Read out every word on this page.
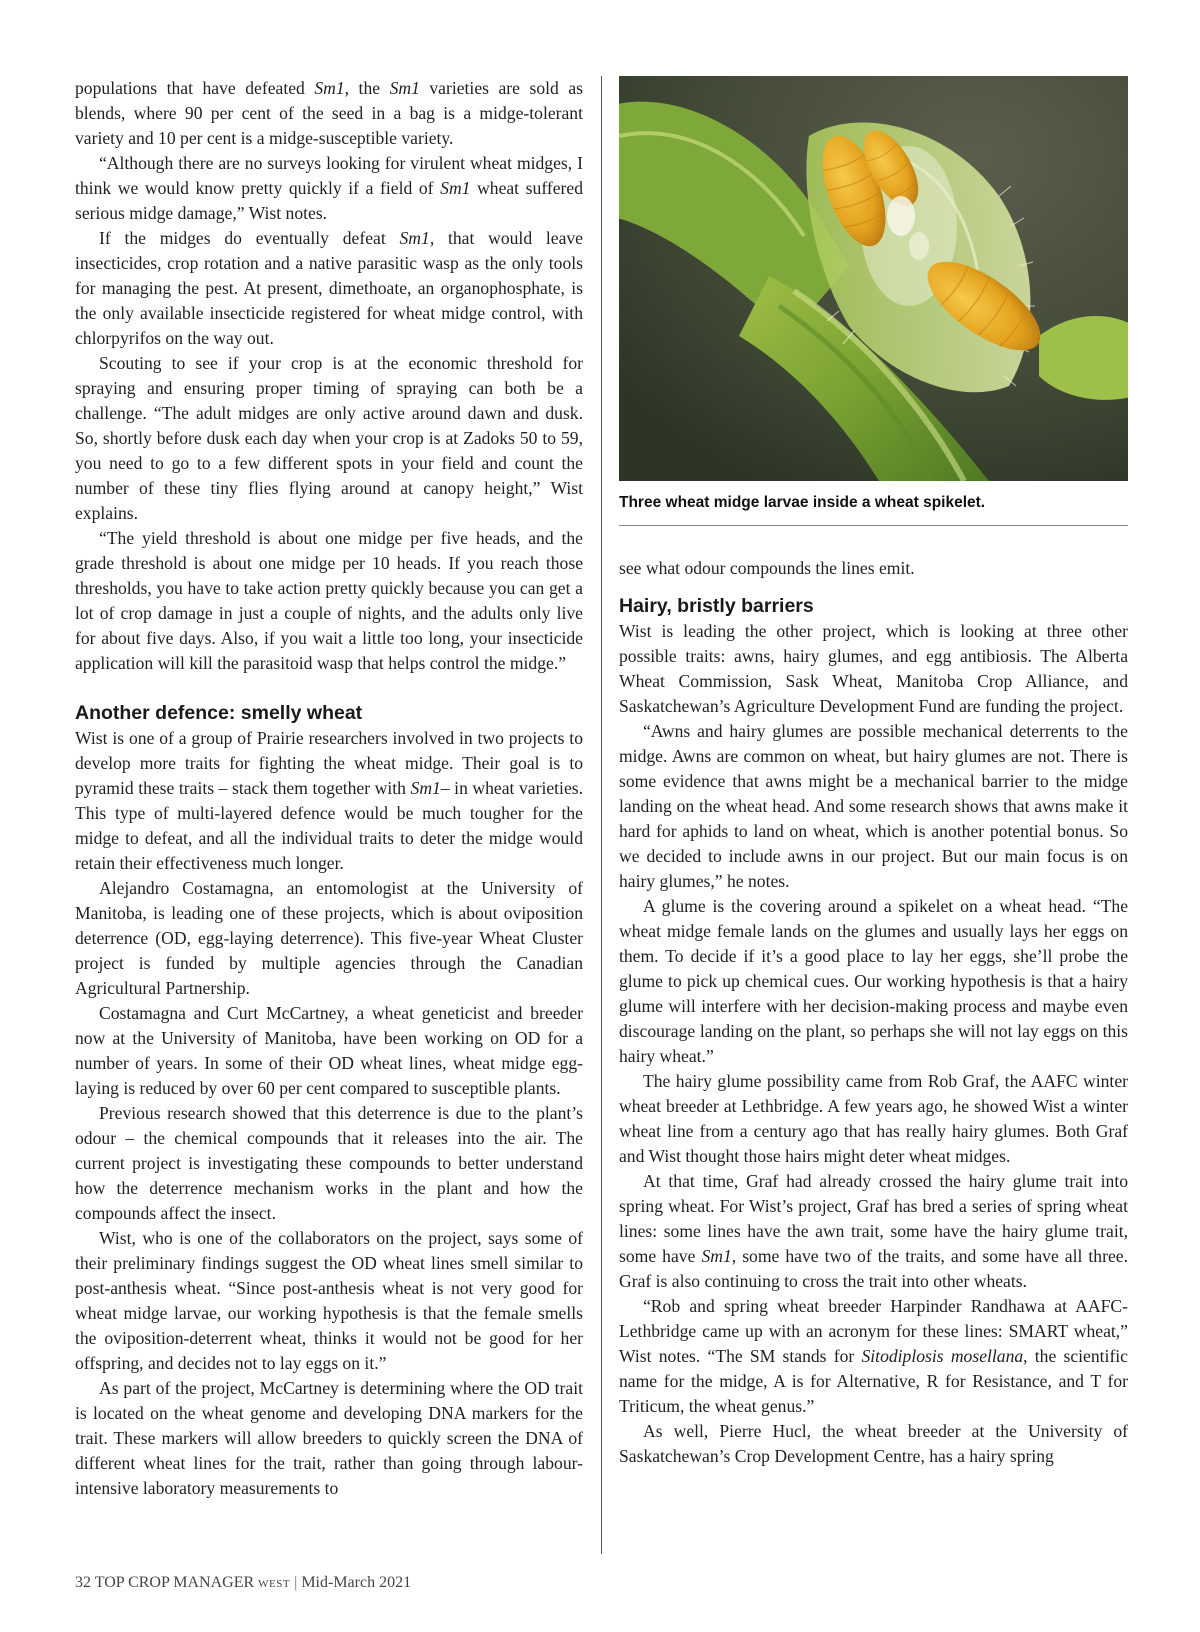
populations that have defeated Sm1, the Sm1 varieties are sold as blends, where 90 per cent of the seed in a bag is a midge-tolerant variety and 10 per cent is a midge-susceptible variety.

“Although there are no surveys looking for virulent wheat midges, I think we would know pretty quickly if a field of Sm1 wheat suffered serious midge damage,” Wist notes.

If the midges do eventually defeat Sm1, that would leave insecticides, crop rotation and a native parasitic wasp as the only tools for managing the pest. At present, dimethoate, an organophosphate, is the only available insecticide registered for wheat midge control, with chlorpyrifos on the way out.

Scouting to see if your crop is at the economic threshold for spraying and ensuring proper timing of spraying can both be a challenge. “The adult midges are only active around dawn and dusk. So, shortly before dusk each day when your crop is at Zadoks 50 to 59, you need to go to a few different spots in your field and count the number of these tiny flies flying around at canopy height,” Wist explains.

“The yield threshold is about one midge per five heads, and the grade threshold is about one midge per 10 heads. If you reach those thresholds, you have to take action pretty quickly because you can get a lot of crop damage in just a couple of nights, and the adults only live for about five days. Also, if you wait a little too long, your insecticide application will kill the parasitoid wasp that helps control the midge.”

Another defence: smelly wheat

Wist is one of a group of Prairie researchers involved in two projects to develop more traits for fighting the wheat midge. Their goal is to pyramid these traits – stack them together with Sm1– in wheat varieties. This type of multi-layered defence would be much tougher for the midge to defeat, and all the individual traits to deter the midge would retain their effectiveness much longer.

Alejandro Costamagna, an entomologist at the University of Manitoba, is leading one of these projects, which is about oviposition deterrence (OD, egg-laying deterrence). This five-year Wheat Cluster project is funded by multiple agencies through the Canadian Agricultural Partnership.

Costamagna and Curt McCartney, a wheat geneticist and breeder now at the University of Manitoba, have been working on OD for a number of years. In some of their OD wheat lines, wheat midge egg-laying is reduced by over 60 per cent compared to susceptible plants.

Previous research showed that this deterrence is due to the plant’s odour – the chemical compounds that it releases into the air. The current project is investigating these compounds to better understand how the deterrence mechanism works in the plant and how the compounds affect the insect.

Wist, who is one of the collaborators on the project, says some of their preliminary findings suggest the OD wheat lines smell similar to post-anthesis wheat. “Since post-anthesis wheat is not very good for wheat midge larvae, our working hypothesis is that the female smells the oviposition-deterrent wheat, thinks it would not be good for her offspring, and decides not to lay eggs on it.”

As part of the project, McCartney is determining where the OD trait is located on the wheat genome and developing DNA markers for the trait. These markers will allow breeders to quickly screen the DNA of different wheat lines for the trait, rather than going through labour-intensive laboratory measurements to

Three wheat midge larvae inside a wheat spikelet.

see what odour compounds the lines emit.

Hairy, bristly barriers

Wist is leading the other project, which is looking at three other possible traits: awns, hairy glumes, and egg antibiosis. The Alberta Wheat Commission, Sask Wheat, Manitoba Crop Alliance, and Saskatchewan’s Agriculture Development Fund are funding the project.

“Awns and hairy glumes are possible mechanical deterrents to the midge. Awns are common on wheat, but hairy glumes are not. There is some evidence that awns might be a mechanical barrier to the midge landing on the wheat head. And some research shows that awns make it hard for aphids to land on wheat, which is another potential bonus. So we decided to include awns in our project. But our main focus is on hairy glumes,” he notes.

A glume is the covering around a spikelet on a wheat head. “The wheat midge female lands on the glumes and usually lays her eggs on them. To decide if it’s a good place to lay her eggs, she’ll probe the glume to pick up chemical cues. Our working hypothesis is that a hairy glume will interfere with her decision-making process and maybe even discourage landing on the plant, so perhaps she will not lay eggs on this hairy wheat.”

The hairy glume possibility came from Rob Graf, the AAFC winter wheat breeder at Lethbridge. A few years ago, he showed Wist a winter wheat line from a century ago that has really hairy glumes. Both Graf and Wist thought those hairs might deter wheat midges.

At that time, Graf had already crossed the hairy glume trait into spring wheat. For Wist’s project, Graf has bred a series of spring wheat lines: some lines have the awn trait, some have the hairy glume trait, some have Sm1, some have two of the traits, and some have all three. Graf is also continuing to cross the trait into other wheats.

“Rob and spring wheat breeder Harpinder Randhawa at AAFC-Lethbridge came up with an acronym for these lines: SMART wheat,” Wist notes. “The SM stands for Sitodiplosis mosellana, the scientific name for the midge, A is for Alternative, R for Resistance, and T for Triticum, the wheat genus.”

As well, Pierre Hucl, the wheat breeder at the University of Saskatchewan’s Crop Development Centre, has a hairy spring

32 TOP CROP MANAGER WEST | Mid-March 2021
